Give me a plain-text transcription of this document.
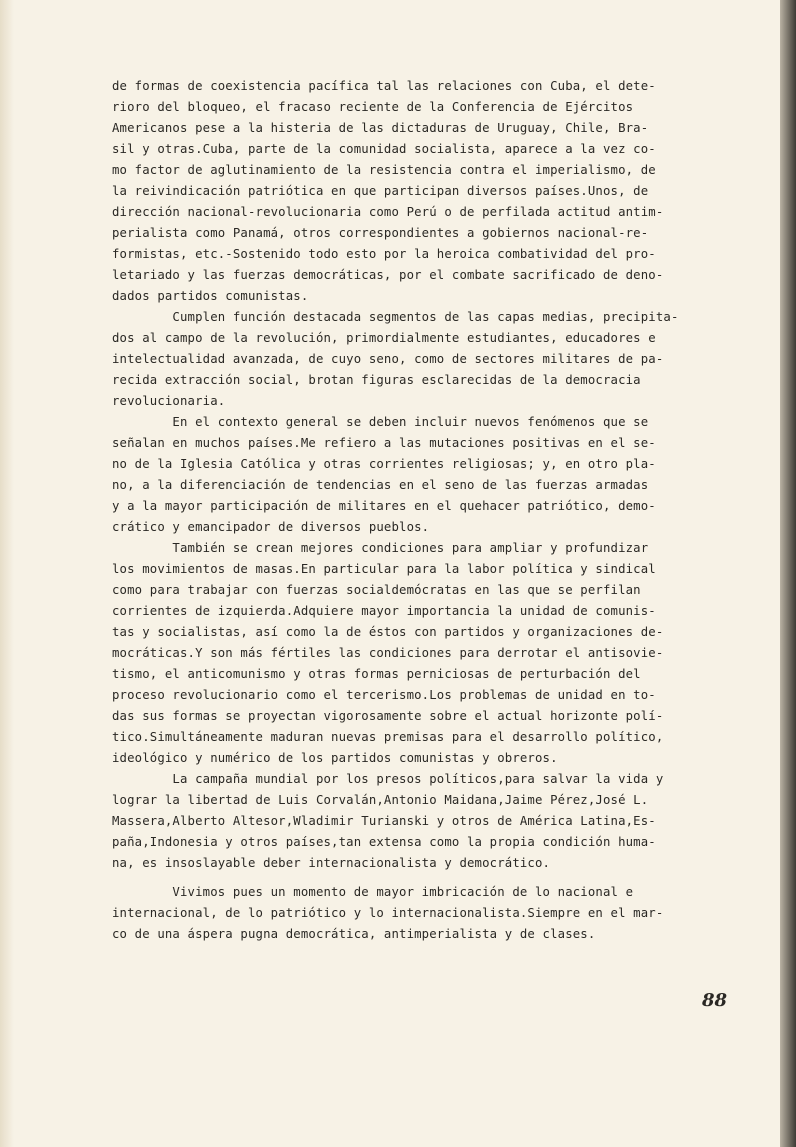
de formas de coexistencia pacífica tal las relaciones con Cuba, el dete-
rioro del bloqueo, el fracaso reciente de la Conferencia de Ejércitos
Americanos pese a la histeria de las dictaduras de Uruguay, Chile, Bra-
sil y otras.Cuba, parte de la comunidad socialista, aparece a la vez co-
mo factor de aglutinamiento de la resistencia contra el imperialismo, de
la reivindicación patriótica en que participan diversos países.Unos, de
dirección nacional-revolucionaria como Perú o de perfilada actitud antim-
perialista como Panamá, otros correspondientes a gobiernos nacional-re-
formistas, etc.-Sostenido todo esto por la heroica combatividad del pro-
letariado y las fuerzas democráticas, por el combate sacrificado de deno-
dados partidos comunistas.
Cumplen función destacada segmentos de las capas medias, precipita-
dos al campo de la revolución, primordialmente estudiantes, educadores e
intelectualidad avanzada, de cuyo seno, como de sectores militares de pa-
recida extracción social, brotan figuras esclarecidas de la democracia
revolucionaria.
En el contexto general se deben incluir nuevos fenómenos que se
señalan en muchos países.Me refiero a las mutaciones positivas en el se-
no de la Iglesia Católica y otras corrientes religiosas; y, en otro pla-
no, a la diferenciación de tendencias en el seno de las fuerzas armadas
y a la mayor participación de militares en el quehacer patriótico, demo-
crático y emancipador de diversos pueblos.
También se crean mejores condiciones para ampliar y profundizar
los movimientos de masas.En particular para la labor política y sindical
como para trabajar con fuerzas socialdemócratas en las que se perfilan
corrientes de izquierda.Adquiere mayor importancia la unidad de comunis-
tas y socialistas, así como la de éstos con partidos y organizaciones de-
mocráticas.Y son más fértiles las condiciones para derrotar el antisovie-
tismo, el anticomunismo y otras formas perniciosas de perturbación del
proceso revolucionario como el tercerismo.Los problemas de unidad en to-
das sus formas se proyectan vigorosamente sobre el actual horizonte polí-
tico.Simultáneamente maduran nuevas premisas para el desarrollo político,
ideológico y numérico de los partidos comunistas y obreros.
La campaña mundial por los presos políticos,para salvar la vida y
lograr la libertad de Luis Corvalán,Antonio Maidana,Jaime Pérez,José L.
Massera,Alberto Altesor,Wladimir Turianski y otros de América Latina,Es-
paña,Indonesia y otros países,tan extensa como la propia condición huma-
na, es insoslayable deber internacionalista y democrático.
Vivimos pues un momento de mayor imbricación de lo nacional e
internacional, de lo patriótico y lo internacionalista.Siempre en el mar-
co de una áspera pugna democrática, antimperialista y de clases.
88
